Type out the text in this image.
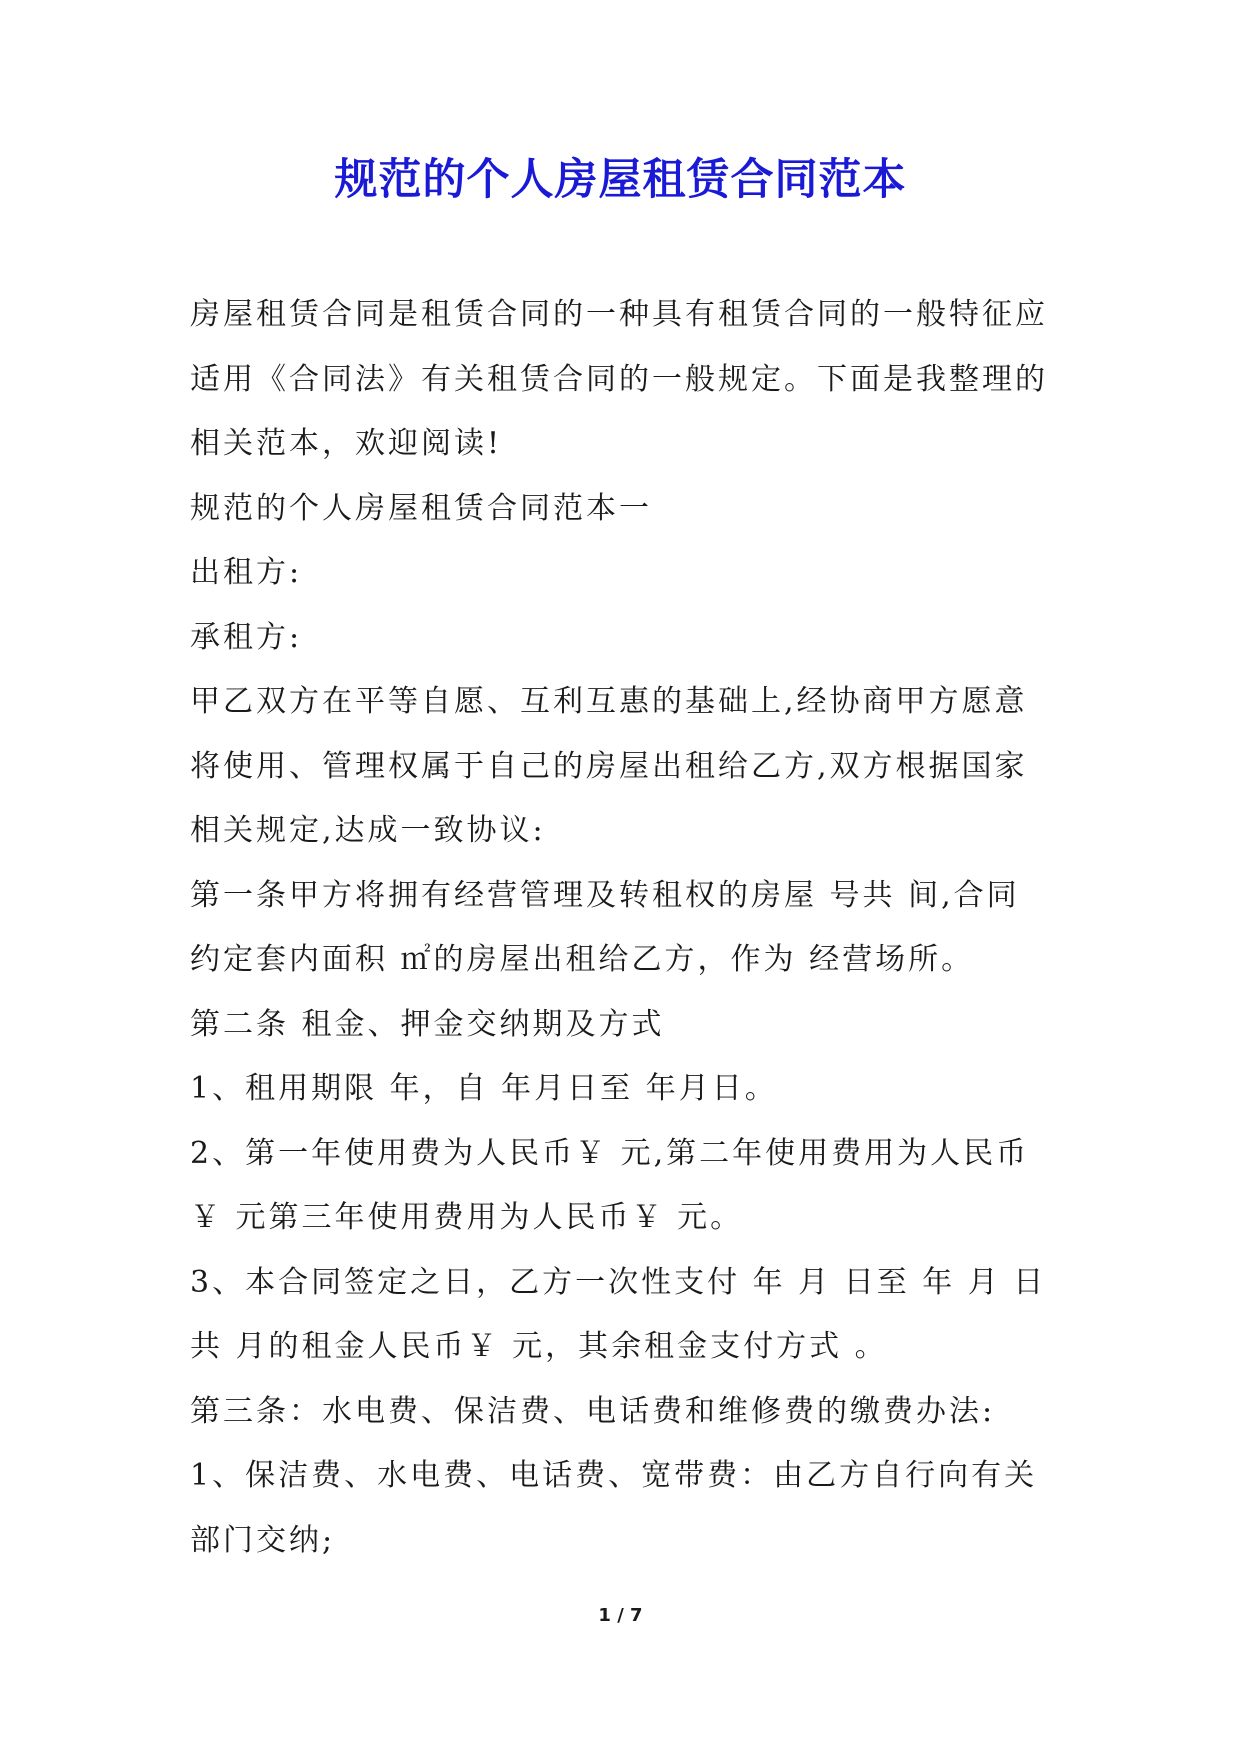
规范的个人房屋租赁合同范本

房屋租赁合同是租赁合同的一种具有租赁合同的一般特征应适用《合同法》有关租赁合同的一般规定。下面是我整理的相关范本，欢迎阅读!

规范的个人房屋租赁合同范本一

出租方:

承租方:

甲乙双方在平等自愿、互利互惠的基础上,经协商甲方愿意将使用、管理权属于自己的房屋出租给乙方,双方根据国家相关规定,达成一致协议:

第一条甲方将拥有经营管理及转租权的房屋 号共 间,合同约定套内面积 ㎡的房屋出租给乙方，作为 经营场所。

第二条 租金、押金交纳期及方式

1、租用期限 年，自 年月日至 年月日。

2、第一年使用费为人民币￥ 元,第二年使用费用为人民币￥ 元第三年使用费用为人民币￥ 元。

3、本合同签定之日，乙方一次性支付 年 月 日至 年 月 日共 月的租金人民币￥ 元，其余租金支付方式 。

第三条：水电费、保洁费、电话费和维修费的缴费办法:

1、保洁费、水电费、电话费、宽带费：由乙方自行向有关部门交纳;

1 / 7
